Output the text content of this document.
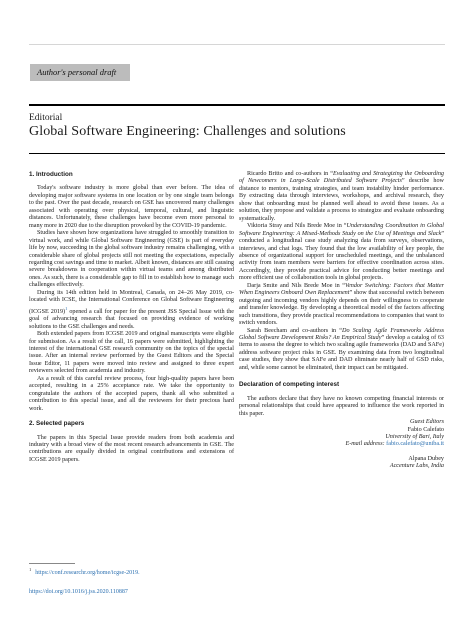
Author's personal draft
Editorial
Global Software Engineering: Challenges and solutions
1. Introduction

Today's software industry is more global than ever before. The idea of developing major software systems in one location or by one single team belongs to the past. Over the past decade, research on GSE has uncovered many challenges associated with operating over physical, temporal, cultural, and linguistic distances. Unfortunately, these challenges have become even more personal to many more in 2020 due to the disruption provoked by the COVID-19 pandemic.

Studies have shown how organizations have struggled to smoothly transition to virtual work, and while Global Software Engineering (GSE) is part of everyday life by now, succeeding in the global software industry remains challenging, with a considerable share of global projects still not meeting the expectations, especially regarding cost savings and time to market. Albeit known, distances are still causing severe breakdowns in cooperation within virtual teams and among distributed ones. As such, there is a considerable gap to fill in to establish how to manage such challenges effectively.

During its 14th edition held in Montreal, Canada, on 24–26 May 2019, co-located with ICSE, the International Conference on Global Software Engineering (ICGSE 2019)$^1$ opened a call for paper for the present JSS Special Issue with the goal of advancing research that focused on providing evidence of working solutions to the GSE challenges and needs.

Both extended papers from ICGSE 2019 and original manuscripts were eligible for submission. As a result of the call, 16 papers were submitted, highlighting the interest of the international GSE research community on the topics of the special issue. After an internal review performed by the Guest Editors and the Special Issue Editor, 11 papers were moved into review and assigned to three expert reviewers selected from academia and industry.

As a result of this careful review process, four high-quality papers have been accepted, resulting in a 25% acceptance rate. We take the opportunity to congratulate the authors of the accepted papers, thank all who submitted a contribution to this special issue, and all the reviewers for their precious hard work.

2. Selected papers

The papers in this Special Issue provide readers from both academia and industry with a broad view of the most recent research advancements in GSE. The contributions are equally divided in original contributions and extensions of ICGSE 2019 papers.

Ricardo Britto and co-authors in “Evaluating and Strategizing the Onboarding of Newcomers in Large-Scale Distributed Software Projects” describe how distance to mentors, training strategies, and team instability hinder performance. By extracting data through interviews, workshops, and archival research, they show that onboarding must be planned well ahead to avoid these issues. As a solution, they propose and validate a process to strategize and evaluate onboarding systematically.

Viktoria Stray and Nils Brede Moe in “Understanding Coordination in Global Software Engineering: A Mixed-Methods Study on the Use of Meetings and Slack” conducted a longitudinal case study analyzing data from surveys, observations, interviews, and chat logs. They found that the low availability of key people, the absence of organizational support for unscheduled meetings, and the unbalanced activity from team members were barriers for effective coordination across sites. Accordingly, they provide practical advice for conducting better meetings and more efficient use of collaboration tools in global projects.

Darja Smite and Nils Brede Moe in “Vendor Switching: Factors that Matter When Engineers Onboard Own Replacement” show that successful switch between outgoing and incoming vendors highly depends on their willingness to cooperate and transfer knowledge. By developing a theoretical model of the factors affecting such transitions, they provide practical recommendations to companies that want to switch vendors.

Sarah Beecham and co-authors in “Do Scaling Agile Frameworks Address Global Software Development Risks? An Empirical Study” develop a catalog of 63 items to assess the degree to which two scaling agile frameworks (DAD and SAFe) address software project risks in GSE. By examining data from two longitudinal case studies, they show that SAFe and DAD eliminate nearly half of GSD risks, and, while some cannot be eliminated, their impact can be mitigated.

Declaration of competing interest

The authors declare that they have no known competing financial interests or personal relationships that could have appeared to influence the work reported in this paper.

Guest Editors
Fabio Calefato
University of Bari, Italy
E-mail address: fabio.calefato@uniba.it
Alpana Dubey
Accenture Labs, India
$^1$https://conf.researchr.org/home/icgse-2019.
https://doi.org/10.1016/j.jss.2020.110887
